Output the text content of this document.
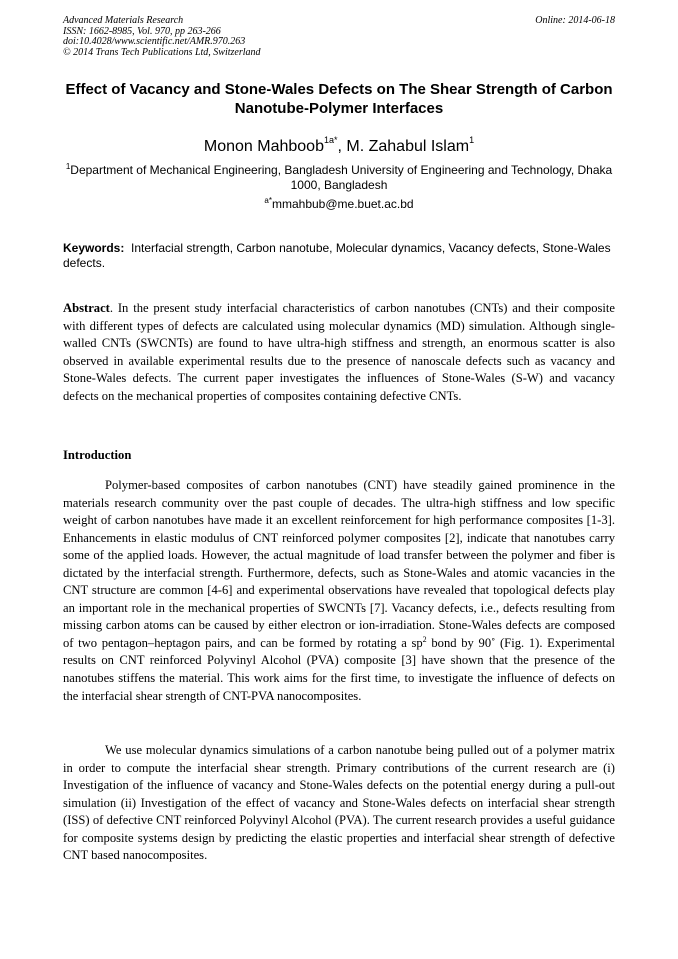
Advanced Materials Research
ISSN: 1662-8985, Vol. 970, pp 263-266
doi:10.4028/www.scientific.net/AMR.970.263
© 2014 Trans Tech Publications Ltd, Switzerland
Online: 2014-06-18
Effect of Vacancy and Stone-Wales Defects on The Shear Strength of Carbon Nanotube-Polymer Interfaces
Monon Mahboob$^{1a*}$, M. Zahabul Islam$^1$
$^1$Department of Mechanical Engineering, Bangladesh University of Engineering and Technology, Dhaka 1000, Bangladesh
$^{a*}$mmahbub@me.buet.ac.bd
Keywords: Interfacial strength, Carbon nanotube, Molecular dynamics, Vacancy defects, Stone-Wales defects.
Abstract. In the present study interfacial characteristics of carbon nanotubes (CNTs) and their composite with different types of defects are calculated using molecular dynamics (MD) simulation. Although single-walled CNTs (SWCNTs) are found to have ultra-high stiffness and strength, an enormous scatter is also observed in available experimental results due to the presence of nanoscale defects such as vacancy and Stone-Wales defects. The current paper investigates the influences of Stone-Wales (S-W) and vacancy defects on the mechanical properties of composites containing defective CNTs.
Introduction
Polymer-based composites of carbon nanotubes (CNT) have steadily gained prominence in the materials research community over the past couple of decades. The ultra-high stiffness and low specific weight of carbon nanotubes have made it an excellent reinforcement for high performance composites [1-3]. Enhancements in elastic modulus of CNT reinforced polymer composites [2], indicate that nanotubes carry some of the applied loads. However, the actual magnitude of load transfer between the polymer and fiber is dictated by the interfacial strength. Furthermore, defects, such as Stone-Wales and atomic vacancies in the CNT structure are common [4-6] and experimental observations have revealed that topological defects play an important role in the mechanical properties of SWCNTs [7]. Vacancy defects, i.e., defects resulting from missing carbon atoms can be caused by either electron or ion-irradiation. Stone-Wales defects are composed of two pentagon–heptagon pairs, and can be formed by rotating a $sp^2$ bond by 90˚ (Fig. 1). Experimental results on CNT reinforced Polyvinyl Alcohol (PVA) composite [3] have shown that the presence of the nanotubes stiffens the material. This work aims for the first time, to investigate the influence of defects on the interfacial shear strength of CNT-PVA nanocomposites.
We use molecular dynamics simulations of a carbon nanotube being pulled out of a polymer matrix in order to compute the interfacial shear strength. Primary contributions of the current research are (i) Investigation of the influence of vacancy and Stone-Wales defects on the potential energy during a pull-out simulation (ii) Investigation of the effect of vacancy and Stone-Wales defects on interfacial shear strength (ISS) of defective CNT reinforced Polyvinyl Alcohol (PVA). The current research provides a useful guidance for composite systems design by predicting the elastic properties and interfacial shear strength of defective CNT based nanocomposites.
